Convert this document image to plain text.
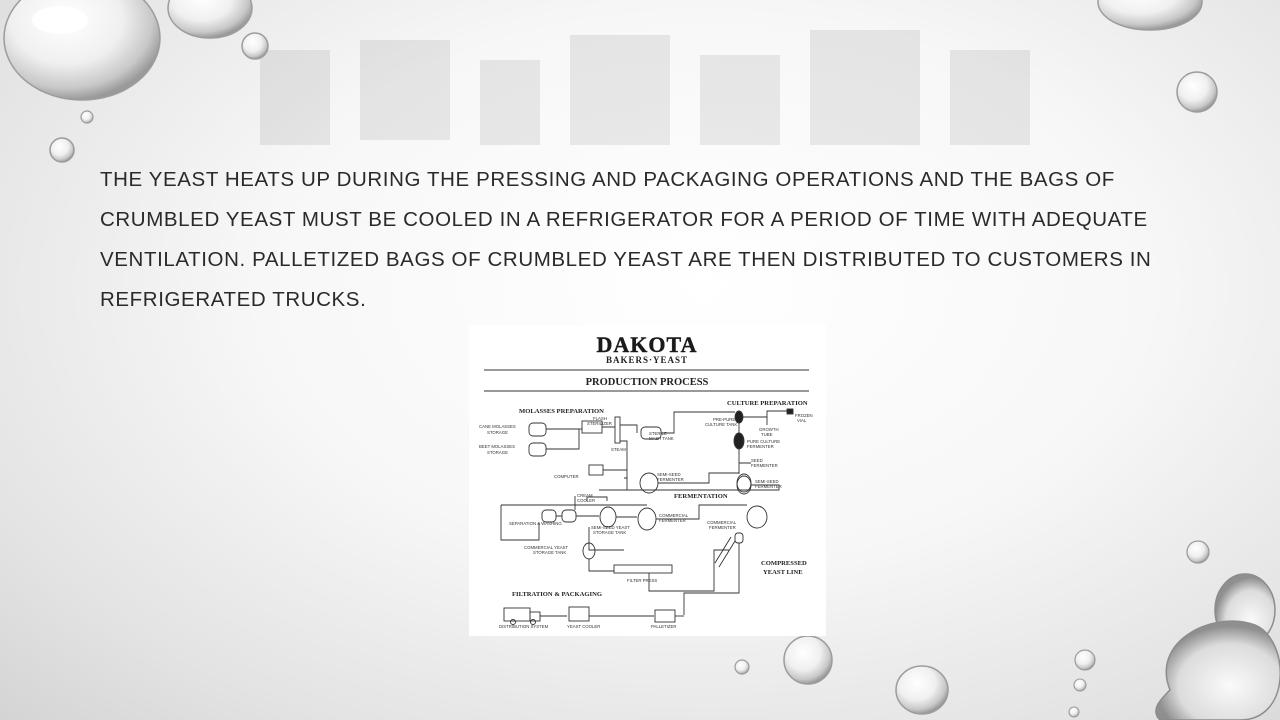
THE YEAST HEATS UP DURING THE PRESSING AND PACKAGING OPERATIONS AND THE BAGS OF CRUMBLED YEAST MUST BE COOLED IN A REFRIGERATOR FOR A PERIOD OF TIME WITH ADEQUATE VENTILATION. PALLETIZED BAGS OF CRUMBLED YEAST ARE THEN DISTRIBUTED TO CUSTOMERS IN REFRIGERATED TRUCKS.

DAKOTA
BAKERS·YEAST
PRODUCTION PROCESS
MOLASSES PREPARATION
CULTURE PREPARATION
FERMENTATION
COMPRESSED
YEAST LINE
FILTRATION & PACKAGING
CANE MOLASSES
STORAGE
BEET MOLASSES
STORAGE
FLASH
STERILIZER
STEAM
STERILE
MASH TANK
COMPUTER
PRE-PURE
CULTURE TANK
FROZEN
VIAL
GROWTH
TUBE
PURE CULTURE
FERMENTER
SEED
FERMENTER
SEMI-SEED
FERMENTER	SEMI-SEED
FERMENTER
CREAM
COOLER
SEPARATION & WASHING
SEMI-SEED YEAST
STORAGE TANK
COMMERCIAL
FERMENTER	COMMERCIAL
FERMENTER
COMMERCIAL YEAST
STORAGE TANK
FILTER PRESS
DISTRIBUTION SYSTEM	YEAST COOLER	PALLETIZER
